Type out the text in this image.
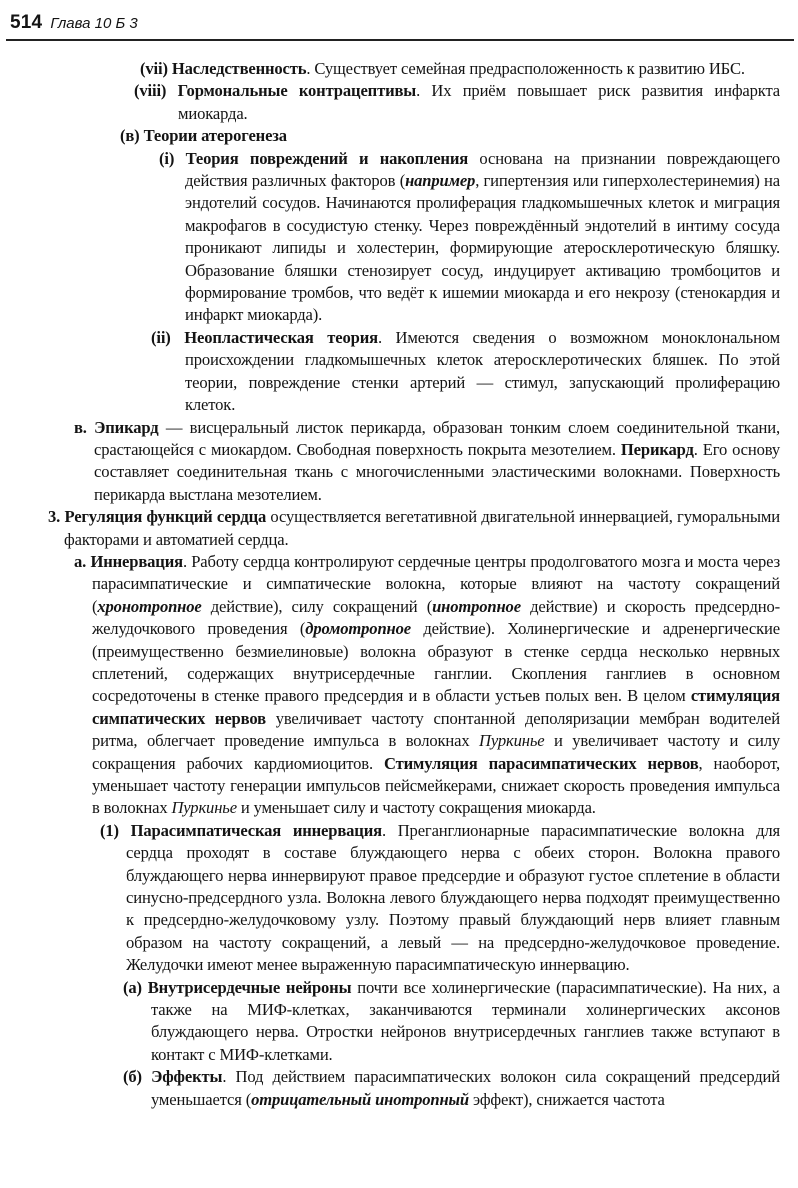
514 Глава 10 Б 3

(vii) Наследственность. Существует семейная предрасположенность к развитию ИБС.

(viii) Гормональные контрацептивы. Их приём повышает риск развития инфаркта миокарда.

(в) Теории атерогенеза

(i) Теория повреждений и накопления основана на признании повреждающего действия различных факторов (например, гипертензия или гиперхолестеринемия) на эндотелий сосудов. Начинаются пролиферация гладкомышечных клеток и миграция макрофагов в сосудистую стенку. Через повреждённый эндотелий в интиму сосуда проникают липиды и холестерин, формирующие атеросклеротическую бляшку. Образование бляшки стенозирует сосуд, индуцирует активацию тромбоцитов и формирование тромбов, что ведёт к ишемии миокарда и его некрозу (стенокардия и инфаркт миокарда).

(ii) Неопластическая теория. Имеются сведения о возможном моноклональном происхождении гладкомышечных клеток атеросклеротических бляшек. По этой теории, повреждение стенки артерий — стимул, запускающий пролиферацию клеток.

в. Эпикард — висцеральный листок перикарда, образован тонким слоем соединительной ткани, срастающейся с миокардом. Свободная поверхность покрыта мезотелием. Перикард. Его основу составляет соединительная ткань с многочисленными эластическими волокнами. Поверхность перикарда выстлана мезотелием.

3. Регуляция функций сердца осуществляется вегетативной двигательной иннервацией, гуморальными факторами и автоматией сердца.

а. Иннервация. Работу сердца контролируют сердечные центры продолговатого мозга и моста через парасимпатические и симпатические волокна, которые влияют на частоту сокращений (хронотропное действие), силу сокращений (инотропное действие) и скорость предсердно-желудочкового проведения (дромотропное действие). Холинергические и адренергические (преимущественно безмиелиновые) волокна образуют в стенке сердца несколько нервных сплетений, содержащих внутрисердечные ганглии. Скопления ганглиев в основном сосредоточены в стенке правого предсердия и в области устьев полых вен. В целом стимуляция симпатических нервов увеличивает частоту спонтанной деполяризации мембран водителей ритма, облегчает проведение импульса в волокнах Пуркинье и увеличивает частоту и силу сокращения рабочих кардиомиоцитов. Стимуляция парасимпатических нервов, наоборот, уменьшает частоту генерации импульсов пейсмейкерами, снижает скорость проведения импульса в волокнах Пуркинье и уменьшает силу и частоту сокращения миокарда.

(1) Парасимпатическая иннервация. Преганглионарные парасимпатические волокна для сердца проходят в составе блуждающего нерва с обеих сторон. Волокна правого блуждающего нерва иннервируют правое предсердие и образуют густое сплетение в области синусно-предсердного узла. Волокна левого блуждающего нерва подходят преимущественно к предсердно-желудочковому узлу. Поэтому правый блуждающий нерв влияет главным образом на частоту сокращений, а левый — на предсердно-желудочковое проведение. Желудочки имеют менее выраженную парасимпатическую иннервацию.

(а) Внутрисердечные нейроны почти все холинергические (парасимпатические). На них, а также на МИФ-клетках, заканчиваются терминали холинергических аксонов блуждающего нерва. Отростки нейронов внутрисердечных ганглиев также вступают в контакт с МИФ-клетками.

(б) Эффекты. Под действием парасимпатических волокон сила сокращений предсердий уменьшается (отрицательный инотропный эффект), снижается частота
